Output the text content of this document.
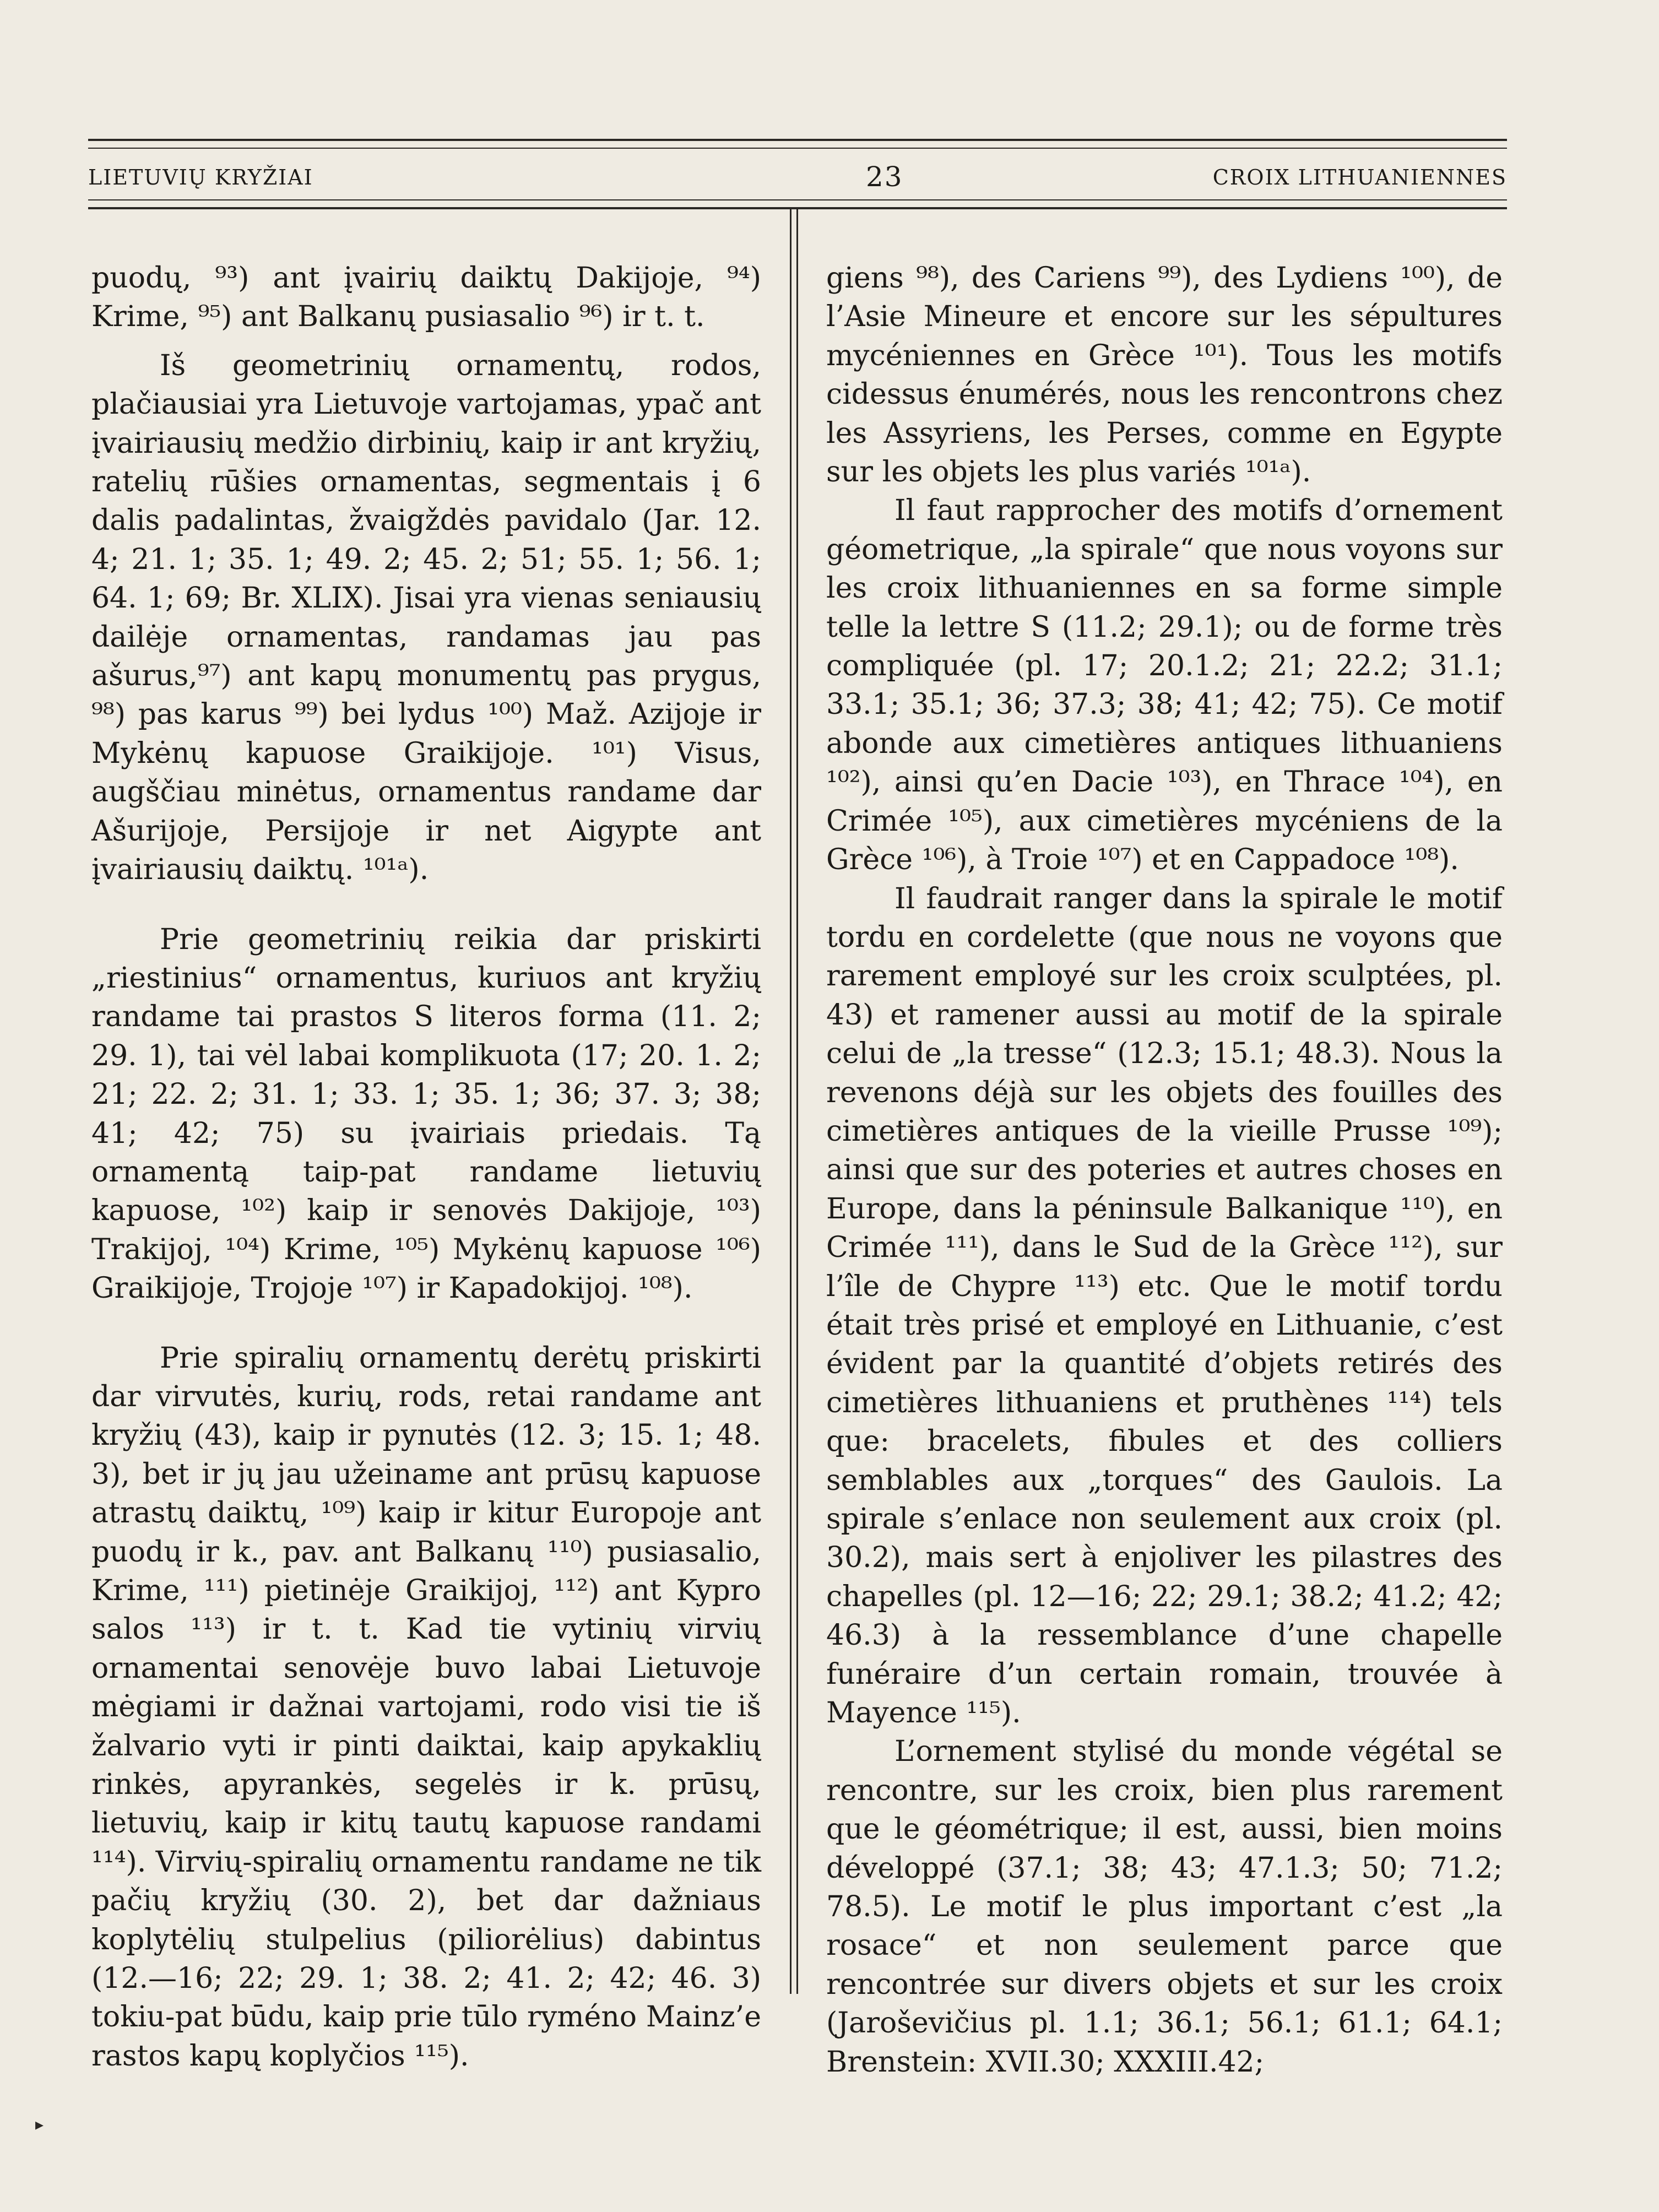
LIETUVIŲ KRYŽIAI	23	CROIX LITHUANIENNES

puodų, ⁹³) ant įvairių daiktų Dakijoje, ⁹⁴) Krime, ⁹⁵) ant Balkanų pusiasalio ⁹⁶) ir t. t.

Iš geometrinių ornamentų, rodos, plačiausiai yra Lietuvoje vartojamas, ypač ant įvairiausių medžio dirbinių, kaip ir ant kryžių, ratelių rūšies ornamentas, segmentais į 6 dalis padalintas, žvaigždės pavidalo (Jar. 12. 4; 21. 1; 35. 1; 49. 2; 45. 2; 51; 55. 1; 56. 1; 64. 1; 69; Br. XLIX). Jisai yra vienas seniausių dailėje ornamentas, randamas jau pas ašurus,⁹⁷) ant kapų monumentų pas prygus, ⁹⁸) pas karus ⁹⁹) bei lydus ¹⁰⁰) Maž. Azijoje ir Mykėnų kapuose Graikijoje. ¹⁰¹) Visus, augščiau minėtus, ornamentus randame dar Ašurijoje, Persijoje ir net Aigypte ant įvairiausių daiktų. ¹⁰¹ᵃ).

Prie geometrinių reikia dar priskirti „riestinius“ ornamentus, kuriuos ant kryžių randame tai prastos S literos forma (11. 2; 29. 1), tai vėl labai komplikuota (17; 20. 1. 2; 21; 22. 2; 31. 1; 33. 1; 35. 1; 36; 37. 3; 38; 41; 42; 75) su įvairiais priedais. Tą ornamentą taip-pat randame lietuvių kapuose, ¹⁰²) kaip ir senovės Dakijoje, ¹⁰³) Trakijoj, ¹⁰⁴) Krime, ¹⁰⁵) Mykėnų kapuose ¹⁰⁶) Graikijoje, Trojoje ¹⁰⁷) ir Kapadokijoj. ¹⁰⁸).

Prie spiralių ornamentų derėtų priskirti dar virvutės, kurių, rods, retai randame ant kryžių (43), kaip ir pynutės (12. 3; 15. 1; 48. 3), bet ir jų jau užeiname ant prūsų kapuose atrastų daiktų, ¹⁰⁹) kaip ir kitur Europoje ant puodų ir k., pav. ant Balkanų ¹¹⁰) pusiasalio, Krime, ¹¹¹) pietinėje Graikijoj, ¹¹²) ant Kypro salos ¹¹³) ir t. t. Kad tie vytinių virvių ornamentai senovėje buvo labai Lietuvoje mėgiami ir dažnai vartojami, rodo visi tie iš žalvario vyti ir pinti daiktai, kaip apykaklių rinkės, apyrankės, segelės ir k. prūsų, lietuvių, kaip ir kitų tautų kapuose randami ¹¹⁴). Virvių-spiralių ornamentu randame ne tik pačių kryžių (30. 2), bet dar dažniaus koplytėlių stulpelius (piliorėlius) dabintus (12.—16; 22; 29. 1; 38. 2; 41. 2; 42; 46. 3) tokiu-pat būdu, kaip prie tūlo ryméno Mainz’e rastos kapų koplyčios ¹¹⁵).

giens ⁹⁸), des Cariens ⁹⁹), des Lydiens ¹⁰⁰), de l’Asie Mineure et encore sur les sépultures mycéniennes en Grèce ¹⁰¹). Tous les motifs cidessus énumérés, nous les rencontrons chez les Assyriens, les Perses, comme en Egypte sur les objets les plus variés ¹⁰¹ᵃ).

Il faut rapprocher des motifs d’ornement géometrique, „la spirale“ que nous voyons sur les croix lithuaniennes en sa forme simple telle la lettre S (11.2; 29.1); ou de forme très compliquée (pl. 17; 20.1.2; 21; 22.2; 31.1; 33.1; 35.1; 36; 37.3; 38; 41; 42; 75). Ce motif abonde aux cimetières antiques lithuaniens ¹⁰²), ainsi qu’en Dacie ¹⁰³), en Thrace ¹⁰⁴), en Crimée ¹⁰⁵), aux cimetières mycéniens de la Grèce ¹⁰⁶), à Troie ¹⁰⁷) et en Cappadoce ¹⁰⁸).

Il faudrait ranger dans la spirale le motif tordu en cordelette (que nous ne voyons que rarement employé sur les croix sculptées, pl. 43) et ramener aussi au motif de la spirale celui de „la tresse“ (12.3; 15.1; 48.3). Nous la revenons déjà sur les objets des fouilles des cimetières antiques de la vieille Prusse ¹⁰⁹); ainsi que sur des poteries et autres choses en Europe, dans la péninsule Balkanique ¹¹⁰), en Crimée ¹¹¹), dans le Sud de la Grèce ¹¹²), sur l’île de Chypre ¹¹³) etc. Que le motif tordu était très prisé et employé en Lithuanie, c’est évident par la quantité d’objets retirés des cimetières lithuaniens et pruthènes ¹¹⁴) tels que: bracelets, fibules et des colliers semblables aux „torques“ des Gaulois. La spirale s’enlace non seulement aux croix (pl. 30.2), mais sert à enjoliver les pilastres des chapelles (pl. 12—16; 22; 29.1; 38.2; 41.2; 42; 46.3) à la ressemblance d’une chapelle funéraire d’un certain romain, trouvée à Mayence ¹¹⁵).

L’ornement stylisé du monde végétal se rencontre, sur les croix, bien plus rarement que le géométrique; il est, aussi, bien moins développé (37.1; 38; 43; 47.1.3; 50; 71.2; 78.5). Le motif le plus important c’est „la rosace“ et non seulement parce que rencontrée sur divers objets et sur les croix (Jaroševičius pl. 1.1; 36.1; 56.1; 61.1; 64.1; Brenstein: XVII.30; XXXIII.42;

▸
